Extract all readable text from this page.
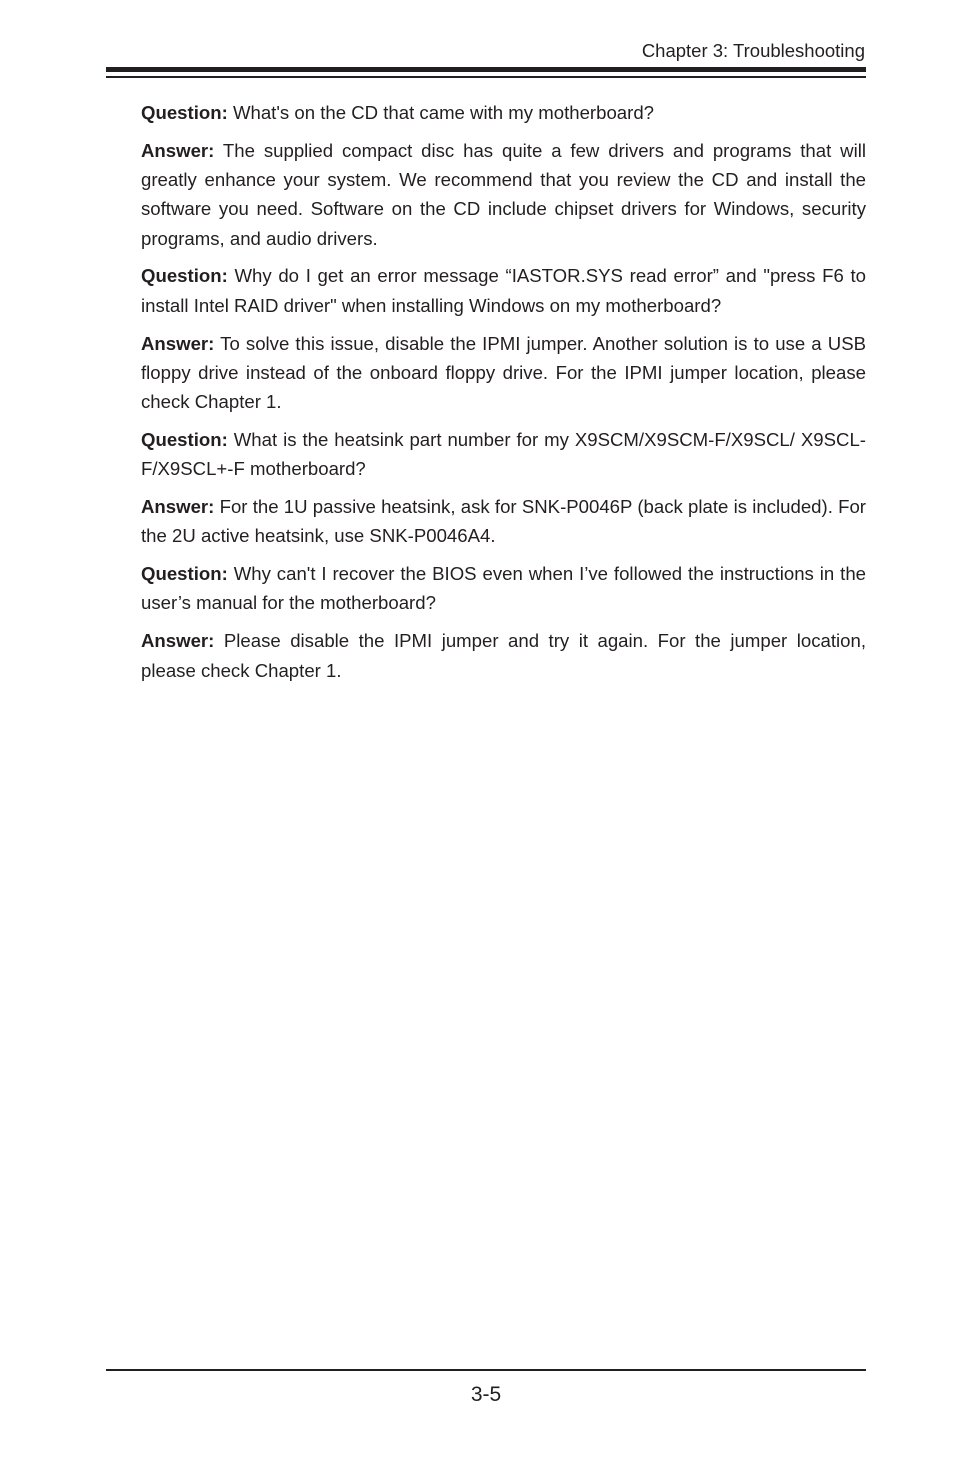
Chapter 3: Troubleshooting

Question: What's on the CD that came with my motherboard?

Answer: The supplied compact disc has quite a few drivers and programs that will greatly enhance your system. We recommend that you review the CD and install the software you need. Software on the CD include chipset drivers for Windows, security programs, and audio drivers.

Question: Why do I get an error message “IASTOR.SYS read error” and "press F6 to install Intel RAID driver" when installing Windows on my motherboard?

Answer: To solve this issue, disable the IPMI jumper. Another solution is to use a USB floppy drive instead of the onboard floppy drive. For the IPMI jumper location, please check Chapter 1.

Question: What is the heatsink part number for my X9SCM/X9SCM-F/X9SCL/ X9SCL-F/X9SCL+-F motherboard?

Answer: For the 1U passive heatsink, ask for SNK-P0046P (back plate is included). For the 2U active heatsink, use SNK-P0046A4.

Question: Why can't I recover the BIOS even when I’ve followed the instructions in the user’s manual for the motherboard?

Answer: Please disable the IPMI jumper and try it again. For the jumper location, please check Chapter 1.

3-5
